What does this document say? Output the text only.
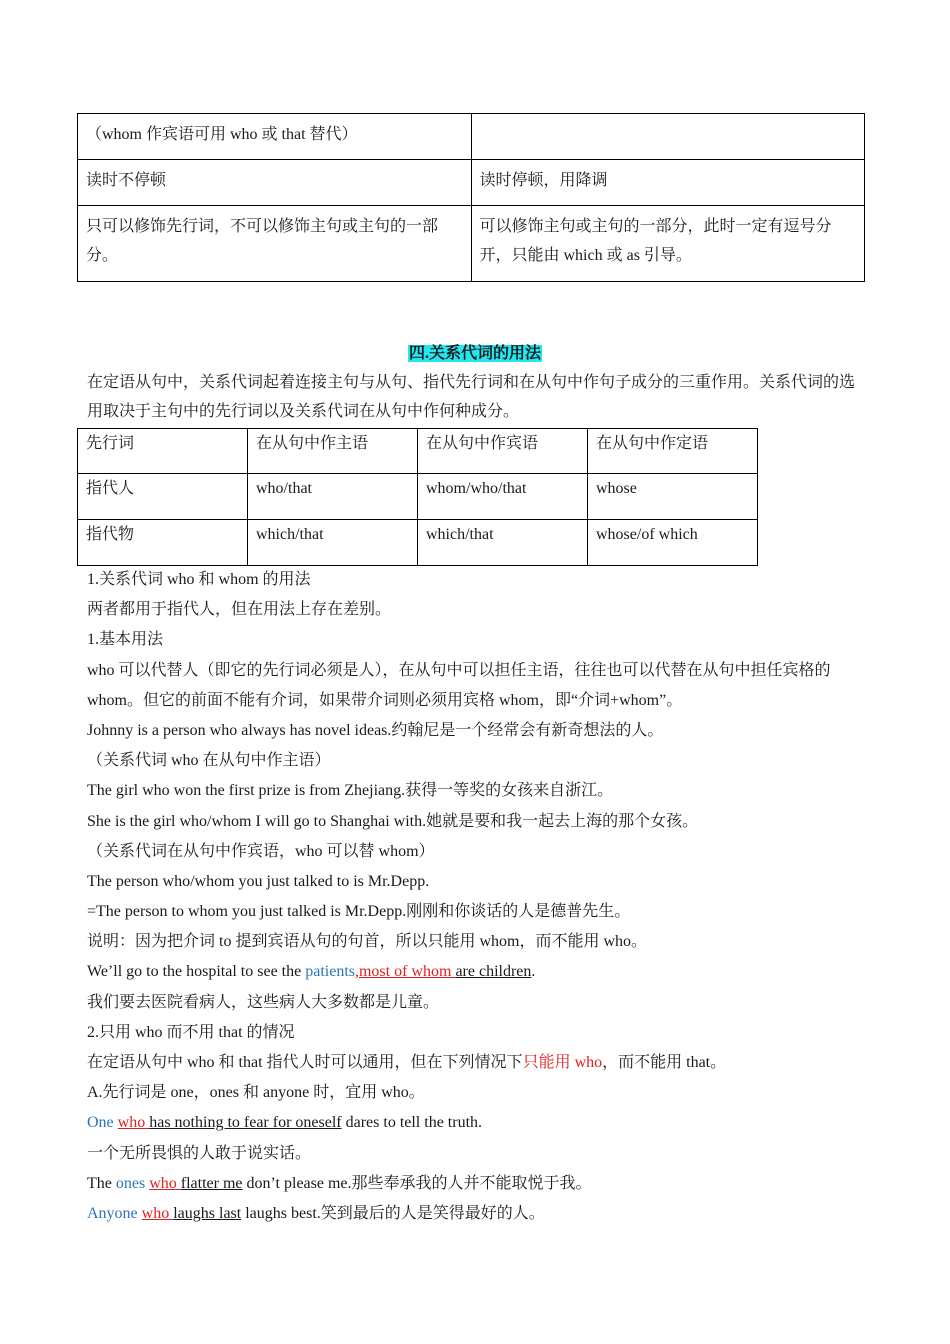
（whom 作宾语可用 who 或 that 替代）	
读时不停顿	读时停顿，用降调
只可以修饰先行词，不可以修饰主句或主句的一部分。	可以修饰主句或主句的一部分，此时一定有逗号分开，只能由 which 或 as 引导。
四.关系代词的用法
在定语从句中，关系代词起着连接主句与从句、指代先行词和在从句中作句子成分的三重作用。关系代词的选用取决于主句中的先行词以及关系代词在从句中作何种成分。
先行词	在从句中作主语	在从句中作宾语	在从句中作定语
指代人	who/that	whom/who/that	whose
指代物	which/that	which/that	whose/of which
1.关系代词 who 和 whom 的用法
两者都用于指代人，但在用法上存在差别。
1.基本用法
who 可以代替人（即它的先行词必须是人），在从句中可以担任主语，往往也可以代替在从句中担任宾格的 whom。但它的前面不能有介词，如果带介词则必须用宾格 whom，即“介词+whom”。
Johnny is a person who always has novel ideas.约翰尼是一个经常会有新奇想法的人。
（关系代词 who 在从句中作主语）
The girl who won the first prize is from Zhejiang.获得一等奖的女孩来自浙江。
She is the girl who/whom I will go to Shanghai with.她就是要和我一起去上海的那个女孩。
（关系代词在从句中作宾语，who 可以替 whom）
The person who/whom you just talked to is Mr.Depp.
=The person to whom you just talked is Mr.Depp.刚刚和你谈话的人是德普先生。
说明：因为把介词 to 提到宾语从句的句首，所以只能用 whom，而不能用 who。
We’ll go to the hospital to see the patients,most of whom are children.
我们要去医院看病人，这些病人大多数都是儿童。
2.只用 who 而不用 that 的情况
在定语从句中 who 和 that 指代人时可以通用，但在下列情况下只能用 who，而不能用 that。
A.先行词是 one，ones 和 anyone 时，宜用 who。
One who has nothing to fear for oneself dares to tell the truth.
一个无所畏惧的人敢于说实话。
The ones who flatter me don’t please me.那些奉承我的人并不能取悦于我。
Anyone who laughs last laughs best.笑到最后的人是笑得最好的人。
